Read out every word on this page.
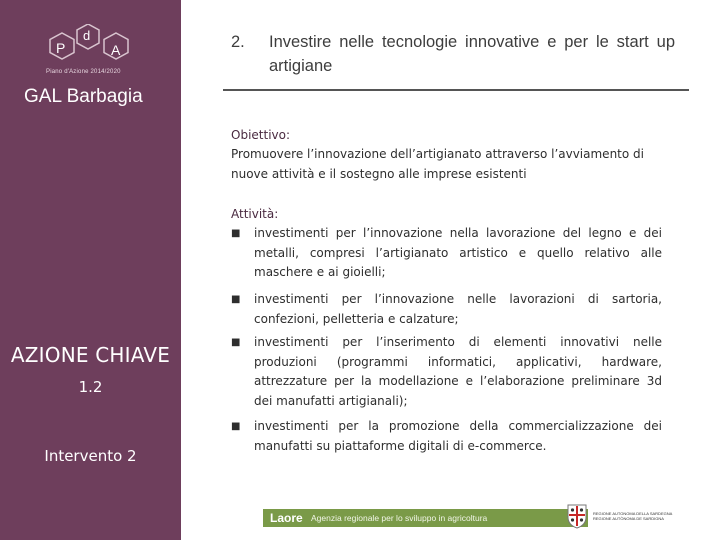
P
d
A
Piano d'Azione 2014/2020
GAL Barbagia
AZIONE CHIAVE
1.2
Intervento 2
2. Investire nelle tecnologie innovative e per le start up artigiane
Obiettivo:
Promuovere l’innovazione dell’artigianato attraverso l’avviamento di nuove attività e il sostegno alle imprese esistenti
Attività:
■ investimenti per l’innovazione nella lavorazione del legno e dei metalli, compresi l’artigianato artistico e quello relativo alle maschere e ai gioielli;
■ investimenti per l’innovazione nelle lavorazioni di sartoria, confezioni, pelletteria e calzature;
■ investimenti per l’inserimento di elementi innovativi nelle produzioni (programmi informatici, applicativi, hardware, attrezzature per la modellazione e l’elaborazione preliminare 3d dei manufatti artigianali);
■ investimenti per la promozione della commercializzazione dei manufatti su piattaforme digitali di e-commerce.
Laore Agenzia regionale per lo sviluppo in agricoltura	REGIONE AUTONOMA DELLA SARDEGNA REGIONE AUTÒNOMA DE SARDIGNA
